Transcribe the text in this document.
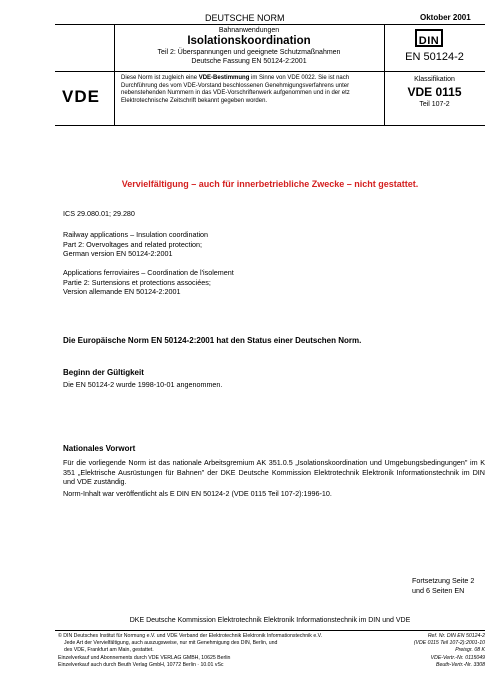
DEUTSCHE NORM	Oktober 2001
Bahnanwendungen
Isolationskoordination
Teil 2: Überspannungen und geeignete Schutzmaßnahmen
Deutsche Fassung EN 50124-2:2001
DIN
EN 50124-2
VDE
Diese Norm ist zugleich eine VDE-Bestimmung im Sinne von VDE 0022. Sie ist nach Durchführung des vom VDE-Vorstand beschlossenen Genehmigungsverfahrens unter nebenstehenden Nummern in das VDE-Vorschriftenwerk aufgenommen und in der etz Elektrotechnische Zeitschrift bekannt gegeben worden.
Klassifikation
VDE 0115
Teil 107-2
Vervielfältigung – auch für innerbetriebliche Zwecke – nicht gestattet.
ICS 29.080.01; 29.280
Railway applications – Insulation coordination
Part 2: Overvoltages and related protection;
German version EN 50124-2:2001
Applications ferroviaires – Coordination de l'isolement
Partie 2: Surtensions et protections associées;
Version allemande EN 50124-2:2001
Die Europäische Norm EN 50124-2:2001 hat den Status einer Deutschen Norm.
Beginn der Gültigkeit
Die EN 50124-2 wurde 1998-10-01 angenommen.
Nationales Vorwort
Für die vorliegende Norm ist das nationale Arbeitsgremium AK 351.0.5 „Isolationskoordination und Umgebungsbedingungen" im K 351 „Elektrische Ausrüstungen für Bahnen" der DKE Deutsche Kommission Elektrotechnik Elektronik Informationstechnik im DIN und VDE zuständig.
Norm-Inhalt war veröffentlicht als E DIN EN 50124-2 (VDE 0115 Teil 107-2):1996-10.
Fortsetzung Seite 2
und 6 Seiten EN
DKE Deutsche Kommission Elektrotechnik Elektronik Informationstechnik im DIN und VDE
© DIN Deutsches Institut für Normung e.V. und VDE Verband der Elektrotechnik Elektronik Informationstechnik e.V.
Jede Art der Vervielfältigung, auch auszugsweise, nur mit Genehmigung des DIN, Berlin, und
des VDE, Frankfurt am Main, gestattet.
Einzelverkauf und Abonnements durch VDE VERLAG GMBH, 10625 Berlin
Einzelverkauf auch durch Beuth Verlag GmbH, 10772 Berlin · 10.01 vSc
Ref. Nr. DIN EN 50124-2
(VDE 0115 Teil 107-2):2001-10
Preisgr. 08 K
VDE-Vertr.-Nr. 0115049
Beuth-Vertr.-Nr. 3308
